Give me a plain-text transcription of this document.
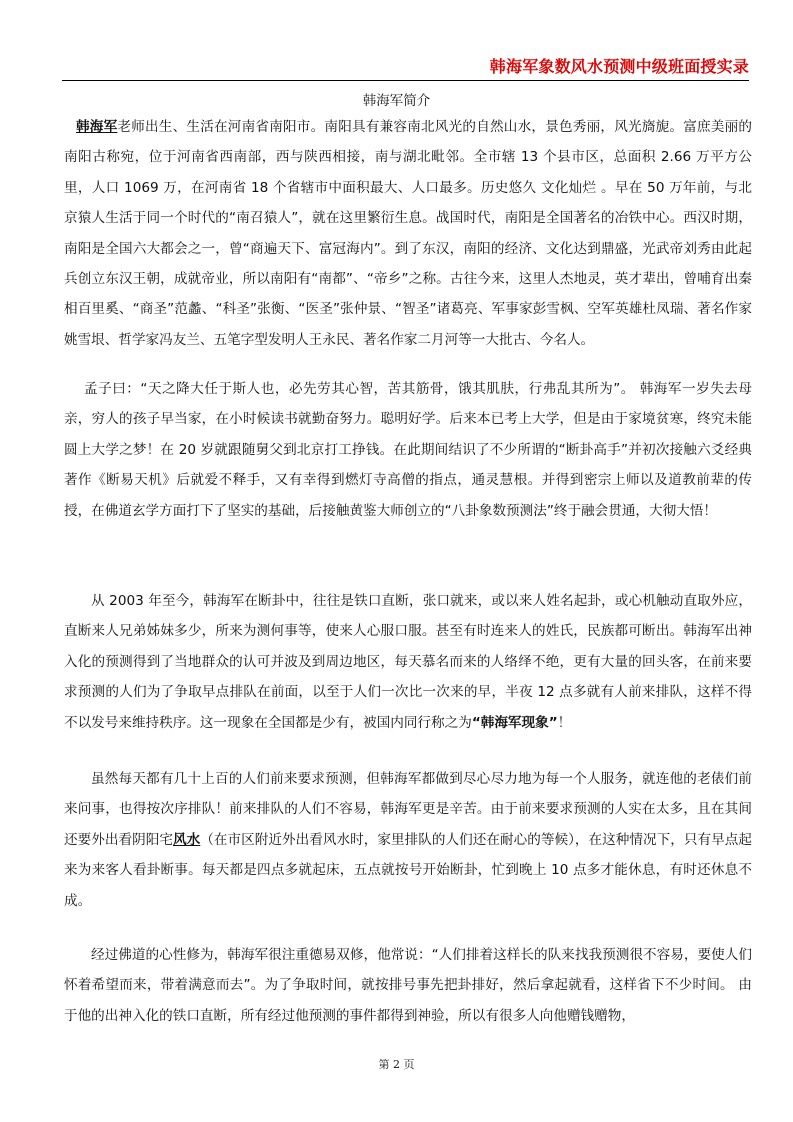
韩海军象数风水预测中级班面授实录
韩海军简介

韩海军老师出生、生活在河南省南阳市。南阳具有兼容南北风光的自然山水，景色秀丽，风光旖旎。富庶美丽的南阳古称宛，位于河南省西南部，西与陕西相接，南与湖北毗邻。全市辖 13 个县市区，总面积 2.66 万平方公里，人口 1069 万，在河南省 18 个省辖市中面积最大、人口最多。历史悠久 文化灿烂 。早在 50 万年前，与北京猿人生活于同一个时代的“南召猿人”，就在这里繁衍生息。战国时代，南阳是全国著名的冶铁中心。西汉时期，南阳是全国六大都会之一，曾“商遍天下、富冠海内”。到了东汉，南阳的经济、文化达到鼎盛，光武帝刘秀由此起兵创立东汉王朝，成就帝业，所以南阳有“南都”、“帝乡”之称。古往今来，这里人杰地灵，英才辈出，曾哺育出秦相百里奚、“商圣”范蠡、“科圣”张衡、“医圣”张仲景、“智圣”诸葛亮、军事家彭雪枫、空军英雄杜凤瑞、著名作家姚雪垠、哲学家冯友兰、五笔字型发明人王永民、著名作家二月河等一大批古、今名人。

孟子曰：“天之降大任于斯人也，必先劳其心智，苦其筋骨，饿其肌肤，行弗乱其所为”。 韩海军一岁失去母亲，穷人的孩子早当家，在小时候读书就勤奋努力。聪明好学。后来本已考上大学，但是由于家境贫寒，终究未能圆上大学之梦！在 20 岁就跟随舅父到北京打工挣钱。在此期间结识了不少所谓的“断卦高手”并初次接触六爻经典著作《断易天机》后就爱不释手，又有幸得到燃灯寺高僧的指点，通灵慧根。并得到密宗上师以及道教前辈的传授，在佛道玄学方面打下了坚实的基础，后接触黄鉴大师创立的“八卦象数预测法”终于融会贯通，大彻大悟！

从 2003 年至今，韩海军在断卦中，往往是铁口直断，张口就来，或以来人姓名起卦，或心机触动直取外应，直断来人兄弟姊妹多少，所来为测何事等，使来人心服口服。甚至有时连来人的姓氏，民族都可断出。韩海军出神入化的预测得到了当地群众的认可并波及到周边地区，每天慕名而来的人络绎不绝，更有大量的回头客，在前来要求预测的人们为了争取早点排队在前面，以至于人们一次比一次来的早，半夜 12 点多就有人前来排队，这样不得不以发号来维持秩序。这一现象在全国都是少有，被国内同行称之为“韩海军现象”！

虽然每天都有几十上百的人们前来要求预测，但韩海军都做到尽心尽力地为每一个人服务，就连他的老俵们前来问事，也得按次序排队！前来排队的人们不容易，韩海军更是辛苦。由于前来要求预测的人实在太多，且在其间还要外出看阴阳宅风水（在市区附近外出看风水时，家里排队的人们还在耐心的等候），在这种情况下，只有早点起来为来客人看卦断事。每天都是四点多就起床，五点就按号开始断卦，忙到晚上 10 点多才能休息，有时还休息不成。

经过佛道的心性修为，韩海军很注重德易双修，他常说：“人们排着这样长的队来找我预测很不容易，要使人们怀着希望而来，带着满意而去”。为了争取时间，就按排号事先把卦排好，然后拿起就看，这样省下不少时间。 由于他的出神入化的铁口直断，所有经过他预测的事件都得到神验，所以有很多人向他赠钱赠物，

第 2 页
